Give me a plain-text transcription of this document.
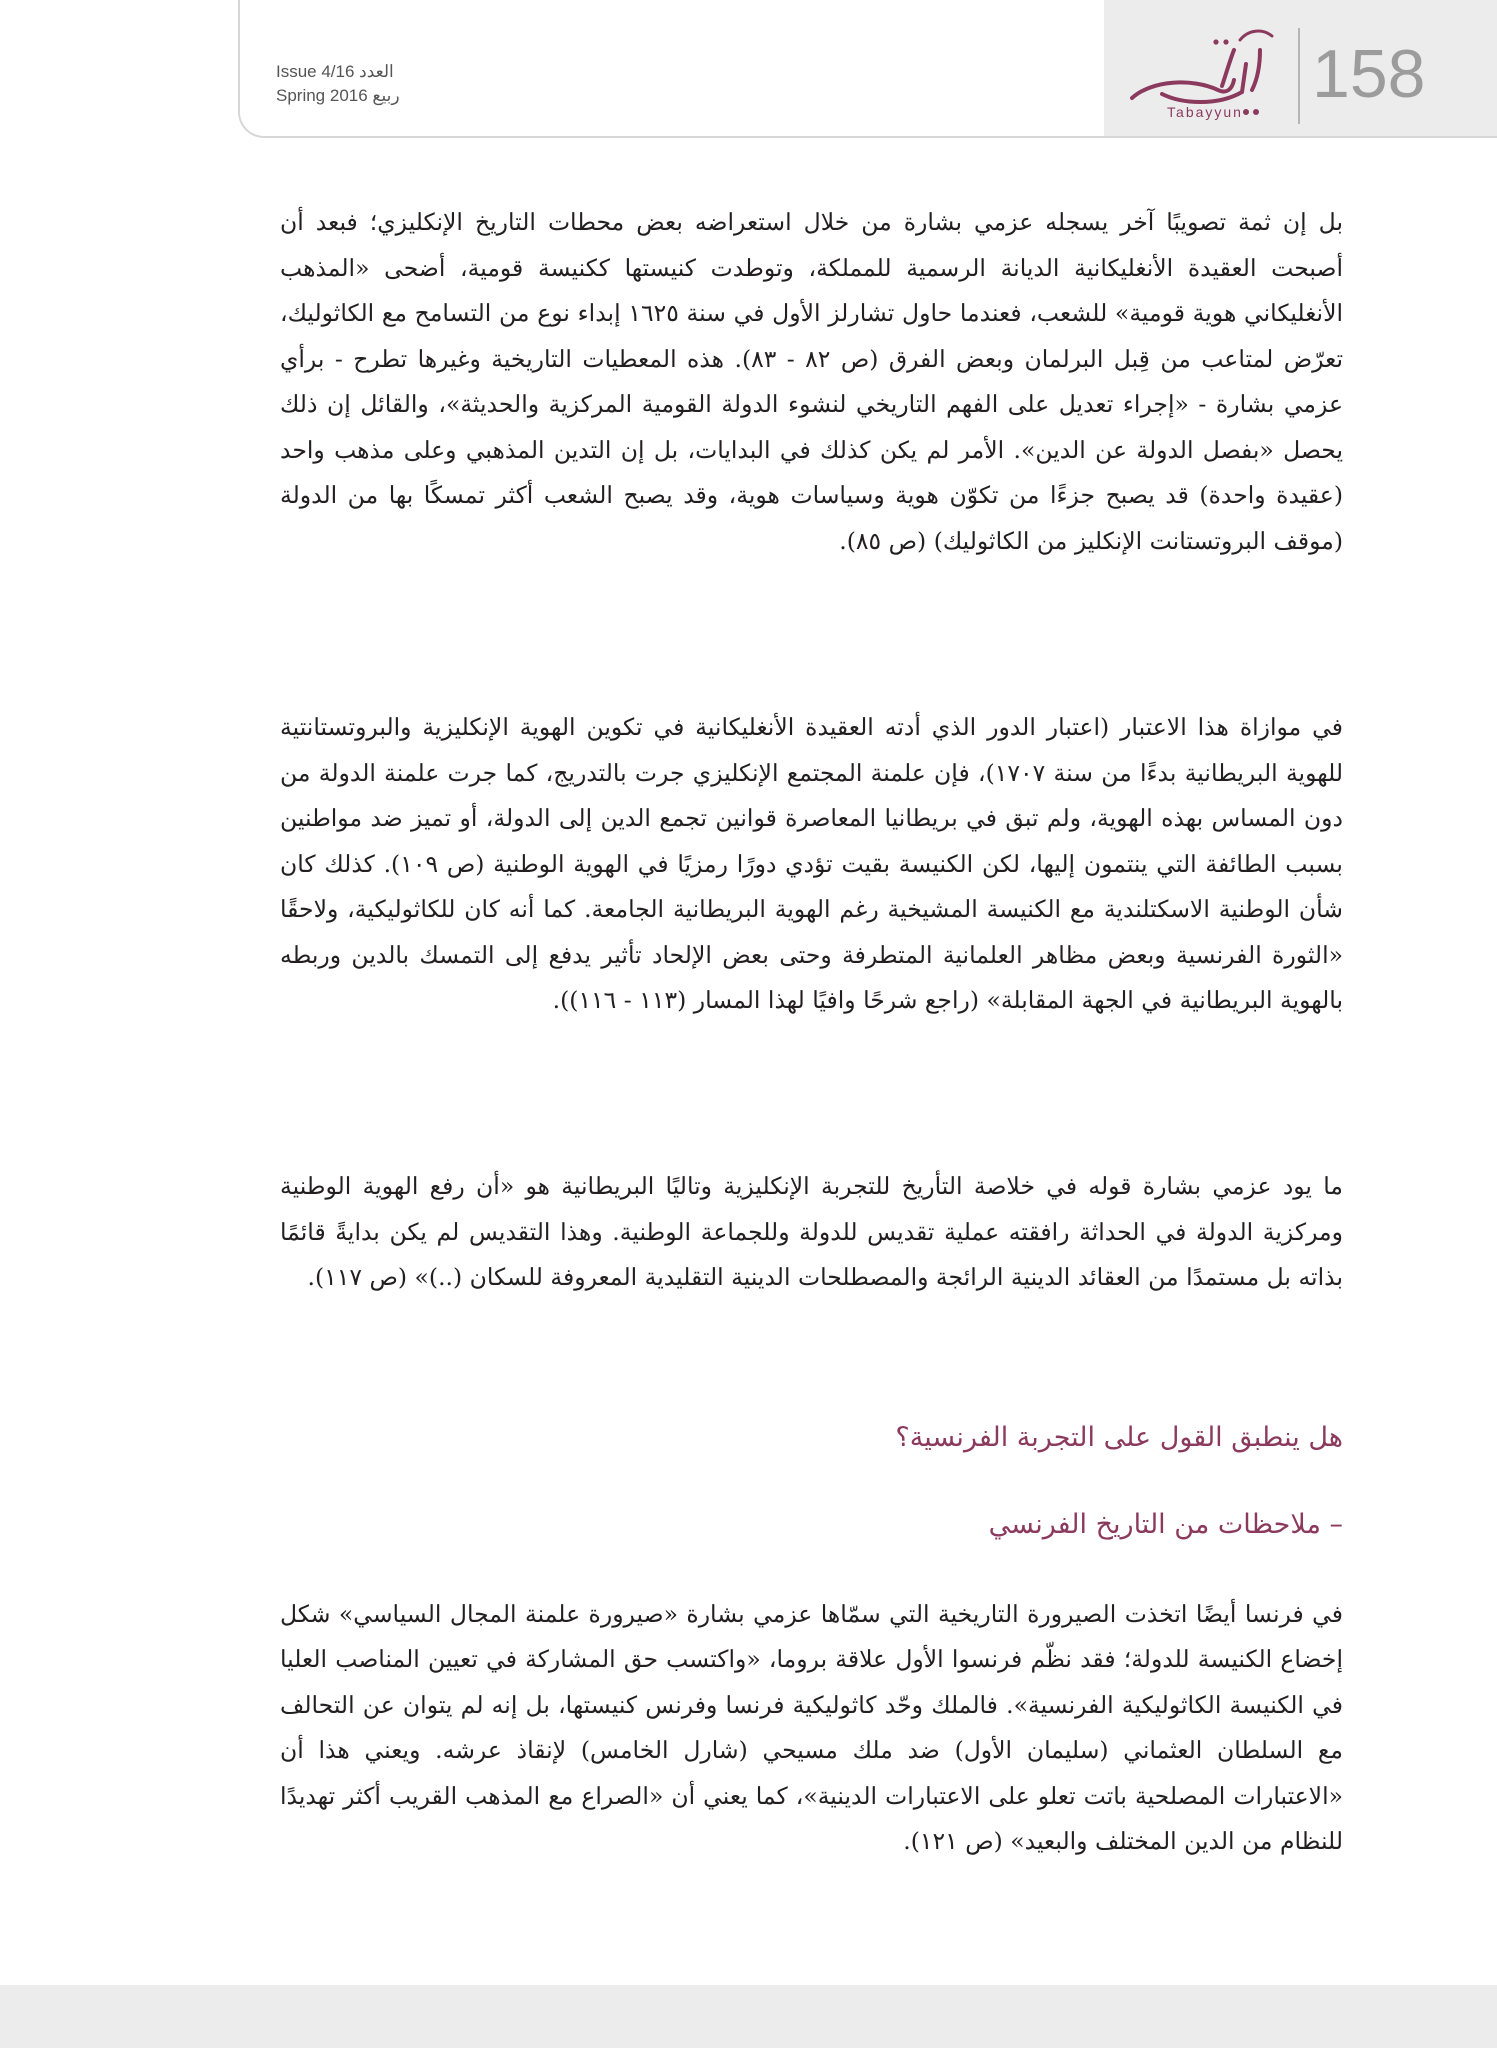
Issue 4/16 العدد
Spring 2016 ربيع
Tabayyun 158

بل إن ثمة تصويبًا آخر يسجله عزمي بشارة من خلال استعراضه بعض محطات التاريخ الإنكليزي؛ فبعد أن أصبحت العقيدة الأنغليكانية الديانة الرسمية للمملكة، وتوطدت كنيستها ككنيسة قومية، أضحى «المذهب الأنغليكاني هوية قومية» للشعب، فعندما حاول تشارلز الأول في سنة ١٦٢٥ إبداء نوع من التسامح مع الكاثوليك، تعرّض لمتاعب من قِبل البرلمان وبعض الفرق (ص ٨٢ - ٨٣). هذه المعطيات التاريخية وغيرها تطرح - برأي عزمي بشارة - «إجراء تعديل على الفهم التاريخي لنشوء الدولة القومية المركزية والحديثة»، والقائل إن ذلك يحصل «بفصل الدولة عن الدين». الأمر لم يكن كذلك في البدايات، بل إن التدين المذهبي وعلى مذهب واحد (عقيدة واحدة) قد يصبح جزءًا من تكوّن هوية وسياسات هوية، وقد يصبح الشعب أكثر تمسكًا بها من الدولة (موقف البروتستانت الإنكليز من الكاثوليك) (ص ٨٥).

في موازاة هذا الاعتبار (اعتبار الدور الذي أدته العقيدة الأنغليكانية في تكوين الهوية الإنكليزية والبروتستانتية للهوية البريطانية بدءًا من سنة ١٧٠٧)، فإن علمنة المجتمع الإنكليزي جرت بالتدريج، كما جرت علمنة الدولة من دون المساس بهذه الهوية، ولم تبق في بريطانيا المعاصرة قوانين تجمع الدين إلى الدولة، أو تميز ضد مواطنين بسبب الطائفة التي ينتمون إليها، لكن الكنيسة بقيت تؤدي دورًا رمزيًا في الهوية الوطنية (ص ١٠٩). كذلك كان شأن الوطنية الاسكتلندية مع الكنيسة المشيخية رغم الهوية البريطانية الجامعة. كما أنه كان للكاثوليكية، ولاحقًا «الثورة الفرنسية وبعض مظاهر العلمانية المتطرفة وحتى بعض الإلحاد تأثير يدفع إلى التمسك بالدين وربطه بالهوية البريطانية في الجهة المقابلة» (راجع شرحًا وافيًا لهذا المسار (١١٣ - ١١٦)).

ما يود عزمي بشارة قوله في خلاصة التأريخ للتجربة الإنكليزية وتاليًا البريطانية هو «أن رفع الهوية الوطنية ومركزية الدولة في الحداثة رافقته عملية تقديس للدولة وللجماعة الوطنية. وهذا التقديس لم يكن بدايةً قائمًا بذاته بل مستمدًا من العقائد الدينية الرائجة والمصطلحات الدينية التقليدية المعروفة للسكان (..)» (ص ١١٧).

هل ينطبق القول على التجربة الفرنسية؟
– ملاحظات من التاريخ الفرنسي

في فرنسا أيضًا اتخذت الصيرورة التاريخية التي سمّاها عزمي بشارة «صيرورة علمنة المجال السياسي» شكل إخضاع الكنيسة للدولة؛ فقد نظّم فرنسوا الأول علاقة بروما، «واكتسب حق المشاركة في تعيين المناصب العليا في الكنيسة الكاثوليكية الفرنسية». فالملك وحّد كاثوليكية فرنسا وفرنس كنيستها، بل إنه لم يتوان عن التحالف مع السلطان العثماني (سليمان الأول) ضد ملك مسيحي (شارل الخامس) لإنقاذ عرشه. ويعني هذا أن «الاعتبارات المصلحية باتت تعلو على الاعتبارات الدينية»، كما يعني أن «الصراع مع المذهب القريب أكثر تهديدًا للنظام من الدين المختلف والبعيد» (ص ١٢١).
